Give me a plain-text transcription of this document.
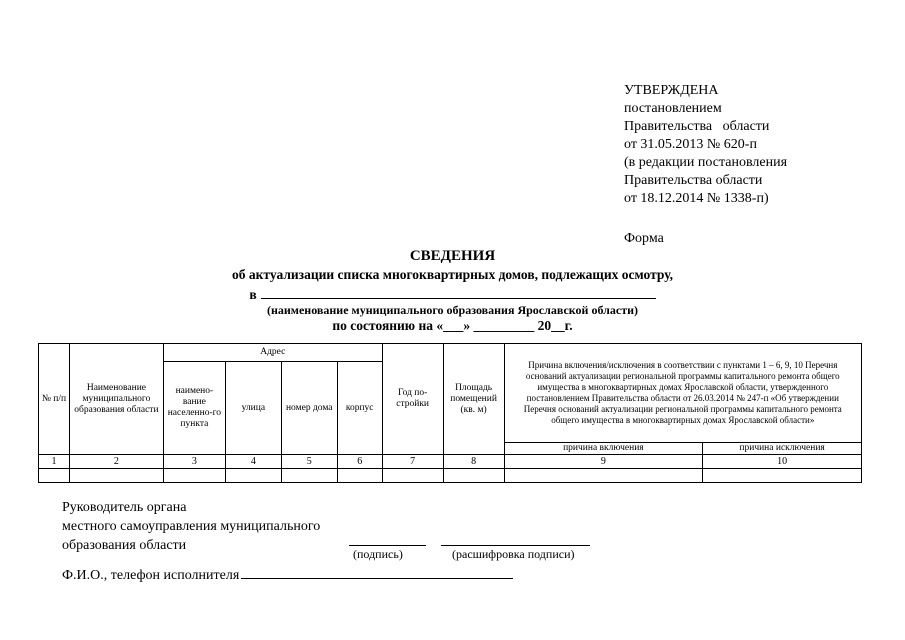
УТВЕРЖДЕНА
постановлением
Правительства   области
от 31.05.2013 № 620-п
(в редакции постановления
Правительства области
от 18.12.2014 № 1338-п)
Форма
СВЕДЕНИЯ
об актуализации списка многоквартирных домов, подлежащих осмотру,
в
(наименование муниципального образования Ярославской области)
по состоянию на «___» _________ 20__г.
№ п/п	Наименование муниципального образования области	Адрес				Год по-стройки	Площадь помещений (кв. м)	Причина включения/исключения в соответствии с пунктами 1 – 6, 9, 10 Перечня оснований актуализации региональной программы капитального ремонта общего имущества в многоквартирных домах Ярославской области, утвержденного постановлением Правительства области от 26.03.2014 № 247-п «Об утверждении Перечня оснований актуализации региональной программы капитального ремонта общего имущества в многоквартирных домах Ярославской области»	
		наимено-вание населенно-го пункта	улица	номер дома	корпус				
								причина включения	причина исключения
1	2	3	4	5	6	7	8	9	10

Руководитель органа
местного самоуправления муниципального
образования области
(подпись)	(расшифровка подписи)
Ф.И.О., телефон исполнителя
